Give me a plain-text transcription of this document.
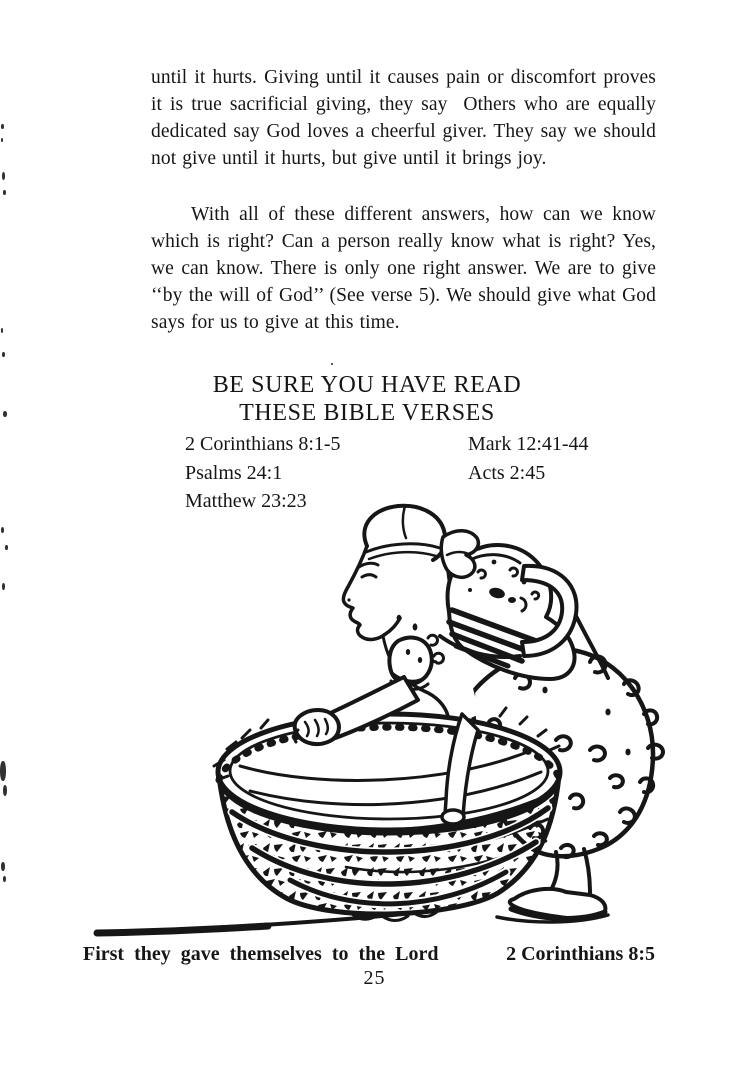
until it hurts. Giving until it causes pain or discomfort proves it is true sacrificial giving, they say  Others who are equally dedicated say God loves a cheerful giver. They say we should not give until it hurts, but give until it brings joy.
With all of these different answers, how can we know which is right? Can a person really know what is right? Yes, we can know. There is only one right answer. We are to give ‘‘by the will of God’’ (See verse 5). We should give what God says for us to give at this time.
BE SURE YOU HAVE READ
THESE BIBLE VERSES
2 Corinthians 8:1-5
Psalms 24:1
Matthew 23:23
Mark 12:41-44
Acts 2:45
First they gave themselves to the Lord	2 Corinthians 8:5
25
